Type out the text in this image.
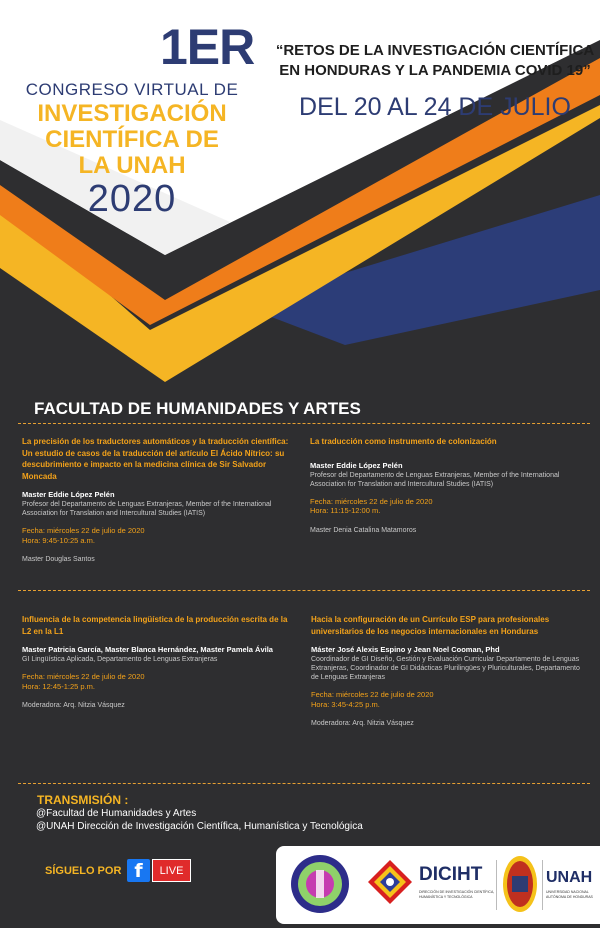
1ER
CONGRESO VIRTUAL DE
INVESTIGACIÓN
CIENTÍFICA DE
LA UNAH
2020
“RETOS DE LA INVESTIGACIÓN CIENTÍFICA
EN HONDURAS Y LA PANDEMIA COVID 19”
DEL 20 AL 24 DE JULIO
FACULTAD DE HUMANIDADES Y ARTES
La precisión de los traductores automáticos y la traducción científica: Un estudio de casos de la traducción del artículo El Ácido Nítrico: su descubrimiento e impacto en la medicina clínica de Sir Salvador Moncada
Master Eddie López Pelén
Profesor del Departamento de Lenguas Extranjeras, Member of the International Association for Translation and Intercultural Studies (IATIS)
Fecha: miércoles 22 de julio de 2020
Hora: 9:45-10:25 a.m.
Master Douglas Santos
La traducción como instrumento de colonización
Master Eddie López Pelén
Profesor del Departamento de Lenguas Extranjeras, Member of the International Association for Translation and Intercultural Studies (IATIS)
Fecha: miércoles 22 de julio de 2020
Hora: 11:15-12:00 m.
Master Denia Catalina Matamoros
Influencia de la competencia lingüística de la producción escrita de la L2 en la L1
Master Patricia García, Master Blanca Hernández, Master Pamela Ávila
GI Lingüística Aplicada, Departamento de Lenguas Extranjeras
Fecha: miércoles 22 de julio de 2020
Hora: 12:45-1:25 p.m.
Moderadora: Arq. Nitzia Vásquez
Hacia la configuración de un Currículo ESP para profesionales universitarios de los negocios internacionales en Honduras
Máster José Alexis Espino y Jean Noel Cooman, Phd
Coordinador de GI Diseño, Gestión y Evaluación Curricular Departamento de Lenguas Extranjeras, Coordinador de GI Didácticas Plurilingües y Pluriculturales, Departamento de Lenguas Extranjeras
Fecha: miércoles 22 de julio de 2020
Hora: 3:45-4:25 p.m.
Moderadora: Arq. Nitzia Vásquez
TRANSMISIÓN :
@Facultad de Humanidades y Artes
@UNAH Dirección de Investigación Científica, Humanística y Tecnológica
SÍGUELO POR f	LIVE	DICIHT
DIRECCIÓN DE INVESTIGACIÓN CIENTÍFICA, HUMANÍSTICA Y TECNOLÓGICA
UNAH
UNIVERSIDAD NACIONAL AUTÓNOMA DE HONDURAS
